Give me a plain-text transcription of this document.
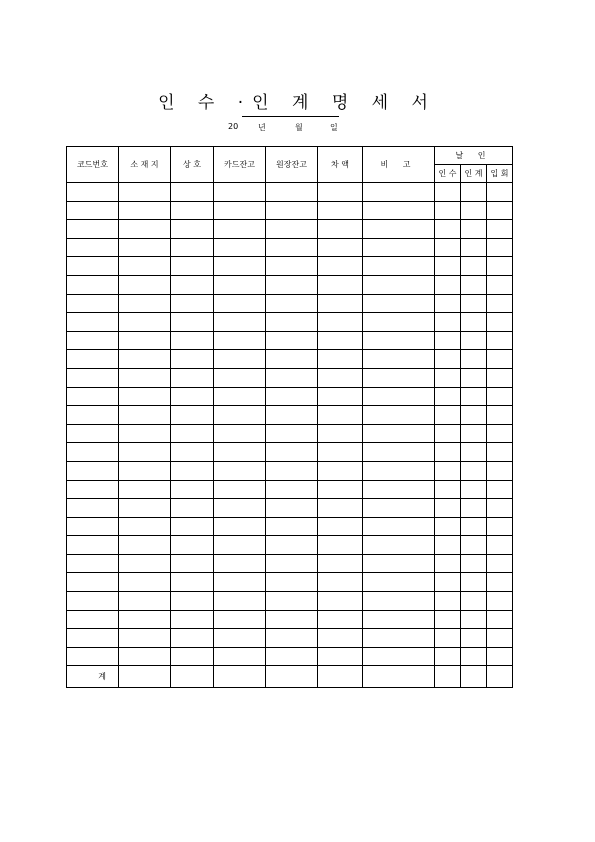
인 수 ·인 계 명 세 서
20 년	월	일
코드번호	소 재 지	상 호	카드잔고	원장잔고	차 액	비 고	날 인		
							인 수	인 계	입 회

계									
